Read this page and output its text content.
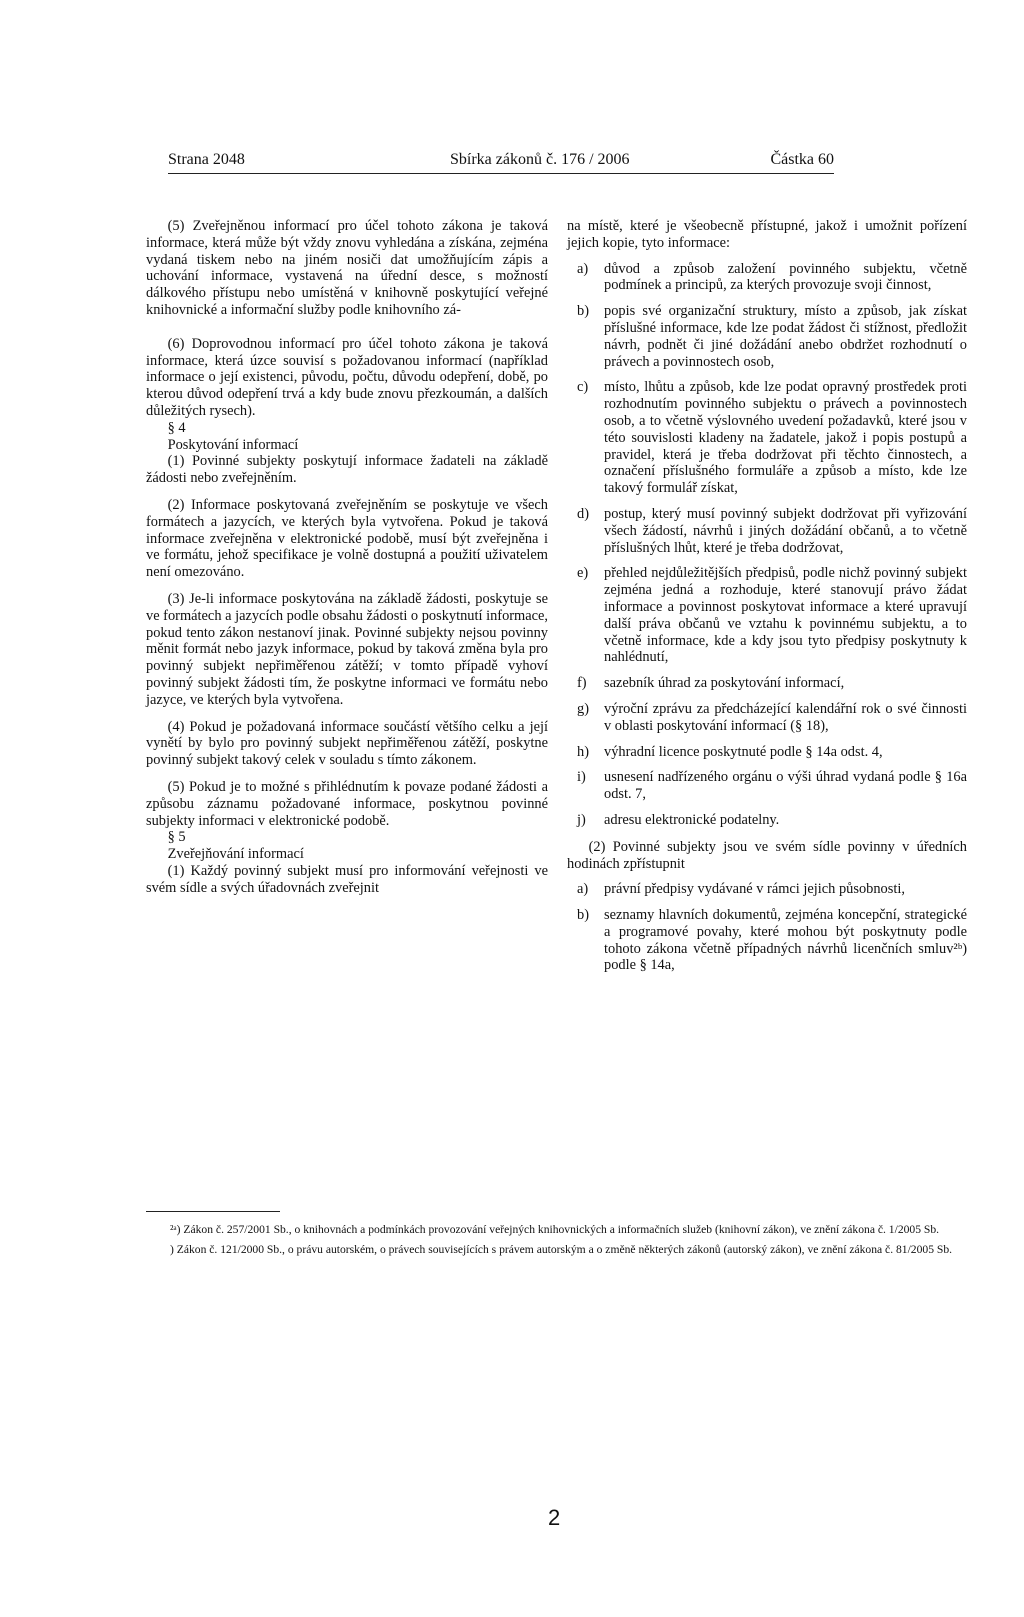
Strana 2048	Sbírka zákonů č. 176 / 2006	Částka 60

(5) Zveřejněnou informací pro účel tohoto zákona je taková informace, která může být vždy znovu vyhledána a získána, zejména vydaná tiskem nebo na jiném nosiči dat umožňujícím zápis a uchování informace, vystavená na úřední desce, s možností dálkového přístupu nebo umístěná v knihovně poskytující veřejné knihovnické a informační služby podle knihovního zá-

(6) Doprovodnou informací pro účel tohoto zákona je taková informace, která úzce souvisí s požadovanou informací (například informace o její existenci, původu, počtu, důvodu odepření, době, po kterou důvod odepření trvá a kdy bude znovu přezkoumán, a dalších důležitých rysech).

§ 4

Poskytování informací

(1) Povinné subjekty poskytují informace žadateli na základě žádosti nebo zveřejněním.

(2) Informace poskytovaná zveřejněním se poskytuje ve všech formátech a jazycích, ve kterých byla vytvořena. Pokud je taková informace zveřejněna v elektronické podobě, musí být zveřejněna i ve formátu, jehož specifikace je volně dostupná a použití uživatelem není omezováno.

(3) Je-li informace poskytována na základě žádosti, poskytuje se ve formátech a jazycích podle obsahu žádosti o poskytnutí informace, pokud tento zákon nestanoví jinak. Povinné subjekty nejsou povinny měnit formát nebo jazyk informace, pokud by taková změna byla pro povinný subjekt nepřiměřenou zátěží; v tomto případě vyhoví povinný subjekt žádosti tím, že poskytne informaci ve formátu nebo jazyce, ve kterých byla vytvořena.

(4) Pokud je požadovaná informace součástí většího celku a její vynětí by bylo pro povinný subjekt nepřiměřenou zátěží, poskytne povinný subjekt takový celek v souladu s tímto zákonem.

(5) Pokud je to možné s přihlédnutím k povaze podané žádosti a způsobu záznamu požadované informace, poskytnou povinné subjekty informaci v elektronické podobě.

§ 5

Zveřejňování informací

(1) Každý povinný subjekt musí pro informování veřejnosti ve svém sídle a svých úřadovnách zveřejnit

na místě, které je všeobecně přístupné, jakož i umožnit pořízení jejich kopie, tyto informace:

a) důvod a způsob založení povinného subjektu, včetně podmínek a principů, za kterých provozuje svoji činnost,
b) popis své organizační struktury, místo a způsob, jak získat příslušné informace, kde lze podat žádost či stížnost, předložit návrh, podnět či jiné dožádání anebo obdržet rozhodnutí o právech a povinnostech osob,
c) místo, lhůtu a způsob, kde lze podat opravný prostředek proti rozhodnutím povinného subjektu o právech a povinnostech osob, a to včetně výslovného uvedení požadavků, které jsou v této souvislosti kladeny na žadatele, jakož i popis postupů a pravidel, která je třeba dodržovat při těchto činnostech, a označení příslušného formuláře a způsob a místo, kde lze takový formulář získat,
d) postup, který musí povinný subjekt dodržovat při vyřizování všech žádostí, návrhů i jiných dožádání občanů, a to včetně příslušných lhůt, které je třeba dodržovat,
e) přehled nejdůležitějších předpisů, podle nichž povinný subjekt zejména jedná a rozhoduje, které stanovují právo žádat informace a povinnost poskytovat informace a které upravují další práva občanů ve vztahu k povinnému subjektu, a to včetně informace, kde a kdy jsou tyto předpisy poskytnuty k nahlédnutí,
f) sazebník úhrad za poskytování informací,
g) výroční zprávu za předcházející kalendářní rok o své činnosti v oblasti poskytování informací (§ 18),
h) výhradní licence poskytnuté podle § 14a odst. 4,
i) usnesení nadřízeného orgánu o výši úhrad vydaná podle § 16a odst. 7,
j) adresu elektronické podatelny.

(2) Povinné subjekty jsou ve svém sídle povinny v úředních hodinách zpřístupnit

a) právní předpisy vydávané v rámci jejich působnosti,
b) seznamy hlavních dokumentů, zejména koncepční, strategické a programové povahy, které mohou být poskytnuty podle tohoto zákona včetně případných návrhů licenčních smluv²ᵇ) podle § 14a,

²ᵃ) Zákon č. 257/2001 Sb., o knihovnách a podmínkách provozování veřejných knihovnických a informačních služeb (knihovní zákon), ve znění zákona č. 1/2005 Sb.

) Zákon č. 121/2000 Sb., o právu autorském, o právech souvisejících s právem autorským a o změně některých zákonů (autorský zákon), ve znění zákona č. 81/2005 Sb.

2
